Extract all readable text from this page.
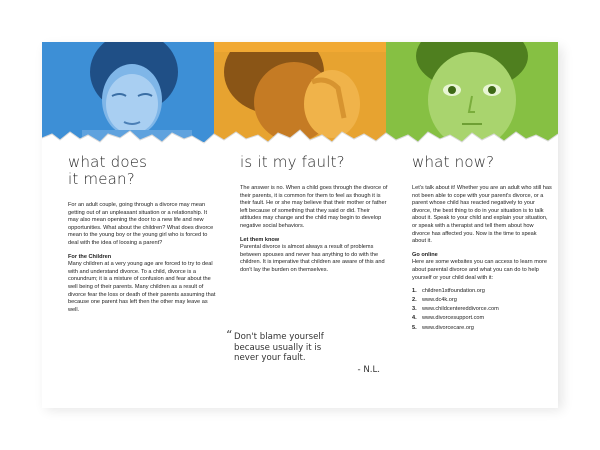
what does
it mean?

For an adult couple, going through a divorce may mean getting out of an unpleasant situation or a relationship. It may also mean opening the door to a new life and new opportunities. What about the children? What does divorce mean to the young boy or the young girl who is forced to deal with the idea of loosing a parent?

For the Children

Many children at a very young age are forced to try to deal with and understand divorce. To a child, divorce is a conundrum; it is a mixture of confusion and fear about the well being of their parents. Many children as a result of divorce fear the loss or death of their parents assuming that because one parent has left then the other may leave as well.

is it my fault?

The answer is no. When a child goes through the divorce of their parents, it is common for them to feel as though it is their fault. He or she may believe that their mother or father left because of something that they said or did. Their attitudes may change and the child may begin to develop negative social behaviors.

Let them know

Parental divorce is almost always a result of problems between spouses and never has anything to do with the children. It is imperative that children are aware of this and don't lay the burden on themselves.

“ Don't blame yourself
because usually it is
never your fault.
- N.L.
what now?

Let's talk about it! Whether you are an adult who still has not been able to cope with your parent's divorce, or a parent whose child has reacted negatively to your divorce, the best thing to do in your situation is to talk about it. Speak to your child and explain your situation, or speak with a therapist and tell them about how divorce has affected you. Now is the time to speak about it.

Go online

Here are some websites you can access to learn more about parental divorce and what you can do to help yourself or your child deal with it:

1. children1stfoundation.org
2. www.dc4k.org
3. www.childcentereddivorce.com
4. www.divorcesupport.com
5. www.divorcecare.org
